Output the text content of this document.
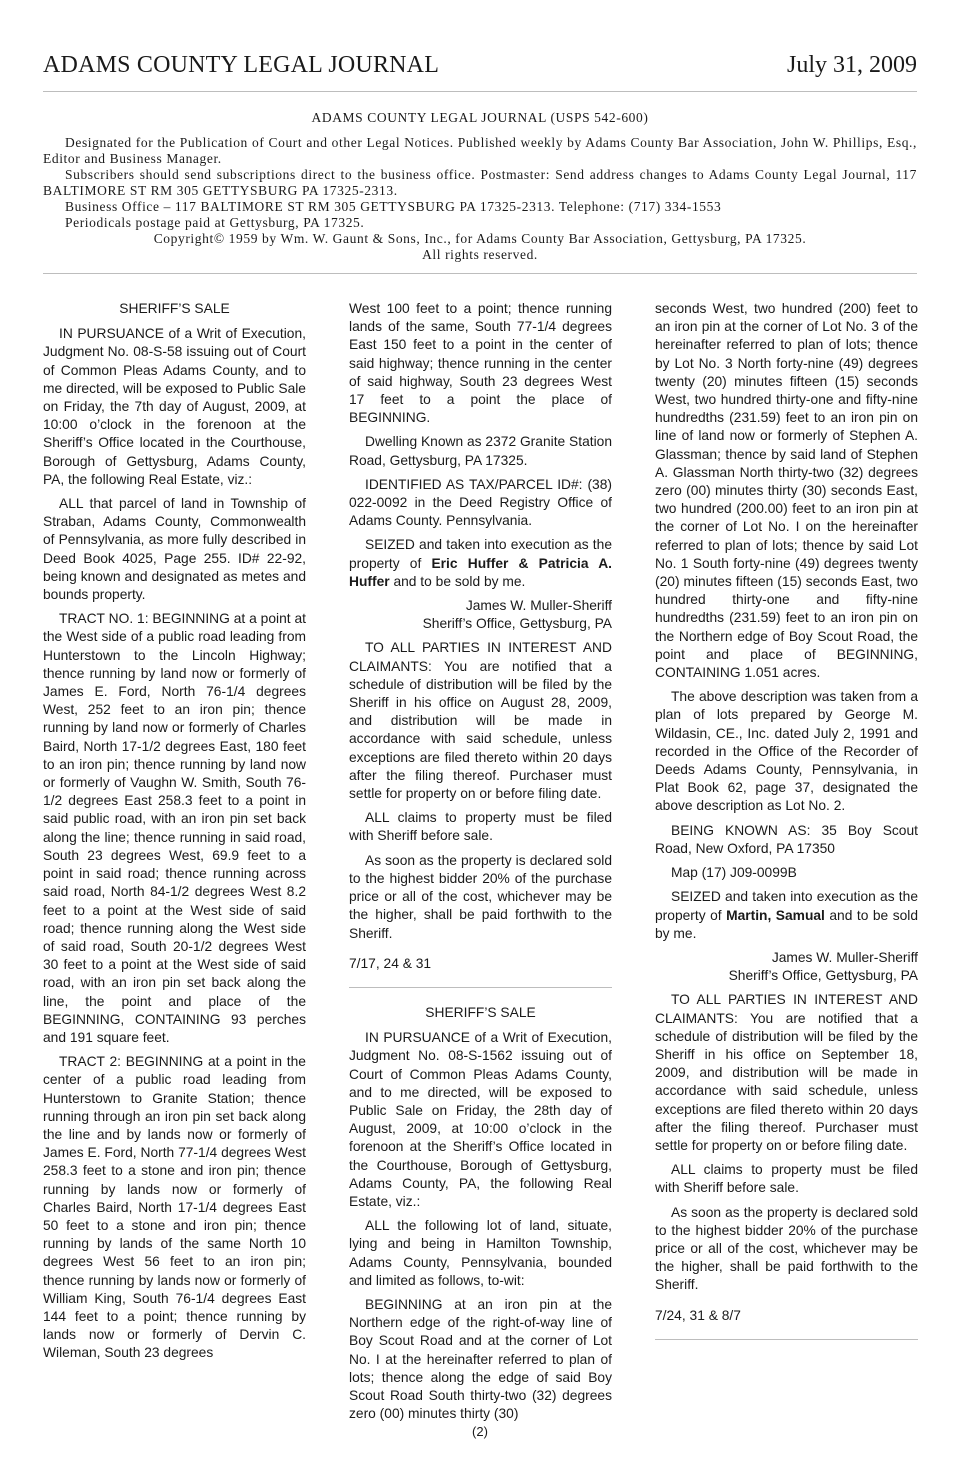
ADAMS COUNTY LEGAL JOURNAL	July 31, 2009
ADAMS COUNTY LEGAL JOURNAL (USPS 542-600)
Designated for the Publication of Court and other Legal Notices. Published weekly by Adams County Bar Association, John W. Phillips, Esq., Editor and Business Manager.
Subscribers should send subscriptions direct to the business office. Postmaster: Send address changes to Adams County Legal Journal, 117 BALTIMORE ST RM 305 GETTYSBURG PA 17325-2313.
Business Office – 117 BALTIMORE ST RM 305 GETTYSBURG PA 17325-2313. Telephone: (717) 334-1553
Periodicals postage paid at Gettysburg, PA 17325.
Copyright© 1959 by Wm. W. Gaunt & Sons, Inc., for Adams County Bar Association, Gettysburg, PA 17325.
All rights reserved.
SHERIFF’S SALE

IN PURSUANCE of a Writ of Execution, Judgment No. 08-S-58 issuing out of Court of Common Pleas Adams County, and to me directed, will be exposed to Public Sale on Friday, the 7th day of August, 2009, at 10:00 o’clock in the forenoon at the Sheriff’s Office located in the Courthouse, Borough of Gettysburg, Adams County, PA, the following Real Estate, viz.:

ALL that parcel of land in Township of Straban, Adams County, Commonwealth of Pennsylvania, as more fully described in Deed Book 4025, Page 255. ID# 22-92, being known and designated as metes and bounds property.

TRACT NO. 1: BEGINNING at a point at the West side of a public road leading from Hunterstown to the Lincoln Highway; thence running by land now or formerly of James E. Ford, North 76-1/4 degrees West, 252 feet to an iron pin; thence running by land now or formerly of Charles Baird, North 17-1/2 degrees East, 180 feet to an iron pin; thence running by land now or formerly of Vaughn W. Smith, South 76-1/2 degrees East 258.3 feet to a point in said public road, with an iron pin set back along the line; thence running in said road, South 23 degrees West, 69.9 feet to a point in said road; thence running across said road, North 84-1/2 degrees West 8.2 feet to a point at the West side of said road; thence running along the West side of said road, South 20-1/2 degrees West 30 feet to a point at the West side of said road, with an iron pin set back along the line, the point and place of the BEGINNING, CONTAINING 93 perches and 191 square feet.

TRACT 2: BEGINNING at a point in the center of a public road leading from Hunterstown to Granite Station; thence running through an iron pin set back along the line and by lands now or formerly of James E. Ford, North 77-1/4 degrees West 258.3 feet to a stone and iron pin; thence running by lands now or formerly of Charles Baird, North 17-1/4 degrees East 50 feet to a stone and iron pin; thence running by lands of the same North 10 degrees West 56 feet to an iron pin; thence running by lands now or formerly of William King, South 76-1/4 degrees East 144 feet to a point; thence running by lands now or formerly of Dervin C. Wileman, South 23 degrees

West 100 feet to a point; thence running lands of the same, South 77-1/4 degrees East 150 feet to a point in the center of said highway; thence running in the center of said highway, South 23 degrees West 17 feet to a point the place of BEGINNING.

Dwelling Known as 2372 Granite Station Road, Gettysburg, PA 17325.

IDENTIFIED AS TAX/PARCEL ID#: (38) 022-0092 in the Deed Registry Office of Adams County. Pennsylvania.

SEIZED and taken into execution as the property of Eric Huffer & Patricia A. Huffer and to be sold by me.

James W. Muller-Sheriff

Sheriff’s Office, Gettysburg, PA

TO ALL PARTIES IN INTEREST AND CLAIMANTS: You are notified that a schedule of distribution will be filed by the Sheriff in his office on August 28, 2009, and distribution will be made in accordance with said schedule, unless exceptions are filed thereto within 20 days after the filing thereof. Purchaser must settle for property on or before filing date.

ALL claims to property must be filed with Sheriff before sale.

As soon as the property is declared sold to the highest bidder 20% of the purchase price or all of the cost, whichever may be the higher, shall be paid forthwith to the Sheriff.

7/17, 24 & 31

SHERIFF’S SALE

IN PURSUANCE of a Writ of Execution, Judgment No. 08-S-1562 issuing out of Court of Common Pleas Adams County, and to me directed, will be exposed to Public Sale on Friday, the 28th day of August, 2009, at 10:00 o’clock in the forenoon at the Sheriff’s Office located in the Courthouse, Borough of Gettysburg, Adams County, PA, the following Real Estate, viz.:

ALL the following lot of land, situate, lying and being in Hamilton Township, Adams County, Pennsylvania, bounded and limited as follows, to-wit:

BEGINNING at an iron pin at the Northern edge of the right-of-way line of Boy Scout Road and at the corner of Lot No. I at the hereinafter referred to plan of lots; thence along the edge of said Boy Scout Road South thirty-two (32) degrees zero (00) minutes thirty (30)

seconds West, two hundred (200) feet to an iron pin at the corner of Lot No. 3 of the hereinafter referred to plan of lots; thence by Lot No. 3 North forty-nine (49) degrees twenty (20) minutes fifteen (15) seconds West, two hundred thirty-one and fifty-nine hundredths (231.59) feet to an iron pin on line of land now or formerly of Stephen A. Glassman; thence by said land of Stephen A. Glassman North thirty-two (32) degrees zero (00) minutes thirty (30) seconds East, two hundred (200.00) feet to an iron pin at the corner of Lot No. I on the hereinafter referred to plan of lots; thence by said Lot No. 1 South forty-nine (49) degrees twenty (20) minutes fifteen (15) seconds East, two hundred thirty-one and fifty-nine hundredths (231.59) feet to an iron pin on the Northern edge of Boy Scout Road, the point and place of BEGINNING, CONTAINING 1.051 acres.

The above description was taken from a plan of lots prepared by George M. Wildasin, CE., Inc. dated July 2, 1991 and recorded in the Office of the Recorder of Deeds Adams County, Pennsylvania, in Plat Book 62, page 37, designated the above description as Lot No. 2.

BEING KNOWN AS: 35 Boy Scout Road, New Oxford, PA 17350

Map (17) J09-0099B

SEIZED and taken into execution as the property of Martin, Samual and to be sold by me.

James W. Muller-Sheriff

Sheriff’s Office, Gettysburg, PA

TO ALL PARTIES IN INTEREST AND CLAIMANTS: You are notified that a schedule of distribution will be filed by the Sheriff in his office on September 18, 2009, and distribution will be made in accordance with said schedule, unless exceptions are filed thereto within 20 days after the filing thereof. Purchaser must settle for property on or before filing date.

ALL claims to property must be filed with Sheriff before sale.

As soon as the property is declared sold to the highest bidder 20% of the purchase price or all of the cost, whichever may be the higher, shall be paid forthwith to the Sheriff.

7/24, 31 & 8/7

(2)
